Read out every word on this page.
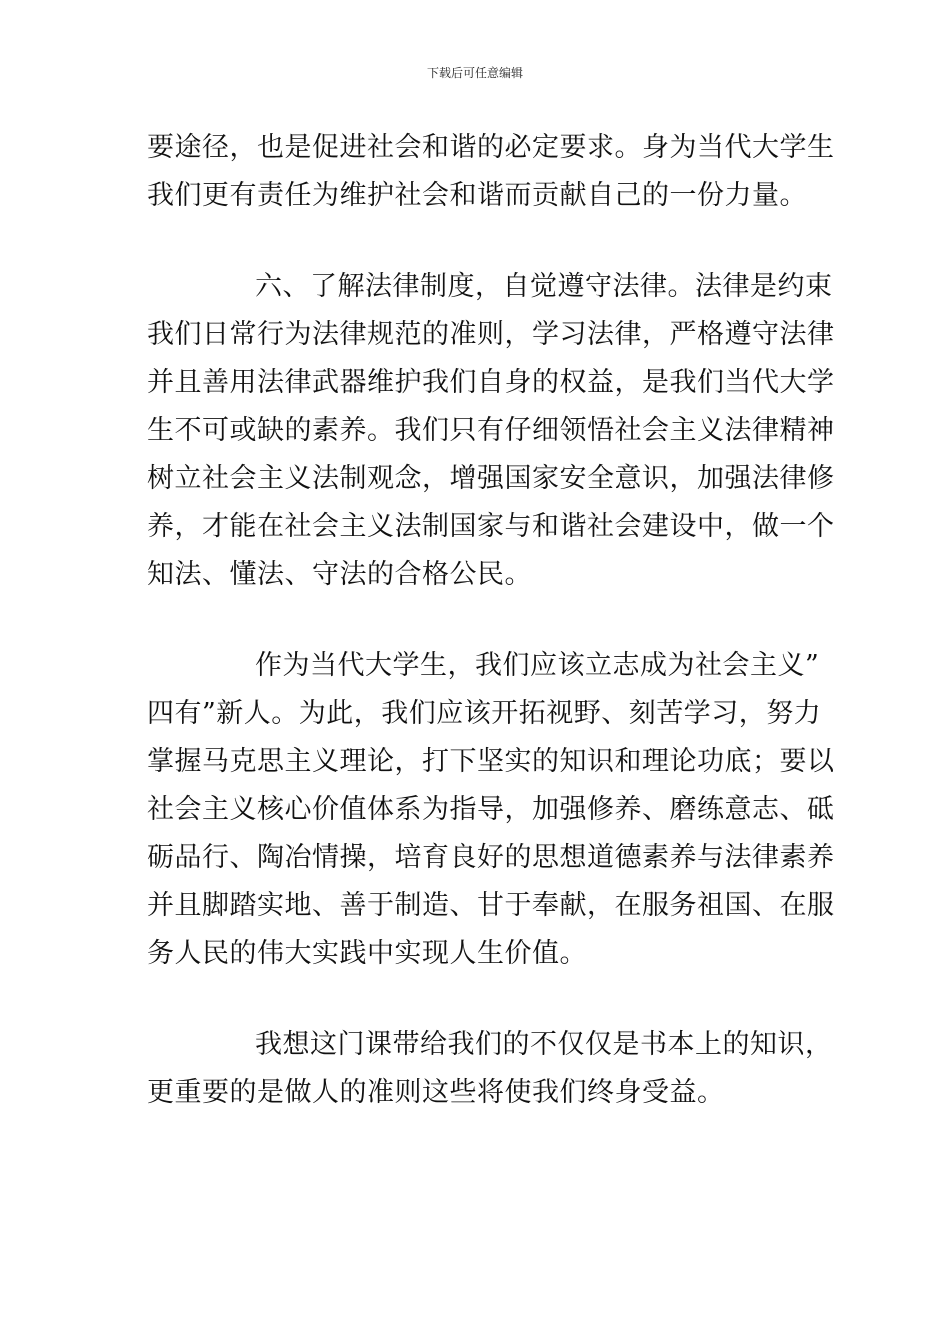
下载后可任意编辑

要途径，也是促进社会和谐的必定要求。身为当代大学生
我们更有责任为维护社会和谐而贡献自己的一份力量。

六、了解法律制度，自觉遵守法律。法律是约束
我们日常行为法律规范的准则，学习法律，严格遵守法律
并且善用法律武器维护我们自身的权益，是我们当代大学
生不可或缺的素养。我们只有仔细领悟社会主义法律精神
树立社会主义法制观念，增强国家安全意识，加强法律修
养，才能在社会主义法制国家与和谐社会建设中，做一个
知法、懂法、守法的合格公民。

作为当代大学生，我们应该立志成为社会主义”
四有”新人。为此，我们应该开拓视野、刻苦学习，努力
掌握马克思主义理论，打下坚实的知识和理论功底；要以
社会主义核心价值体系为指导，加强修养、磨练意志、砥
砺品行、陶冶情操，培育良好的思想道德素养与法律素养
并且脚踏实地、善于制造、甘于奉献，在服务祖国、在服
务人民的伟大实践中实现人生价值。

我想这门课带给我们的不仅仅是书本上的知识，
更重要的是做人的准则这些将使我们终身受益。
